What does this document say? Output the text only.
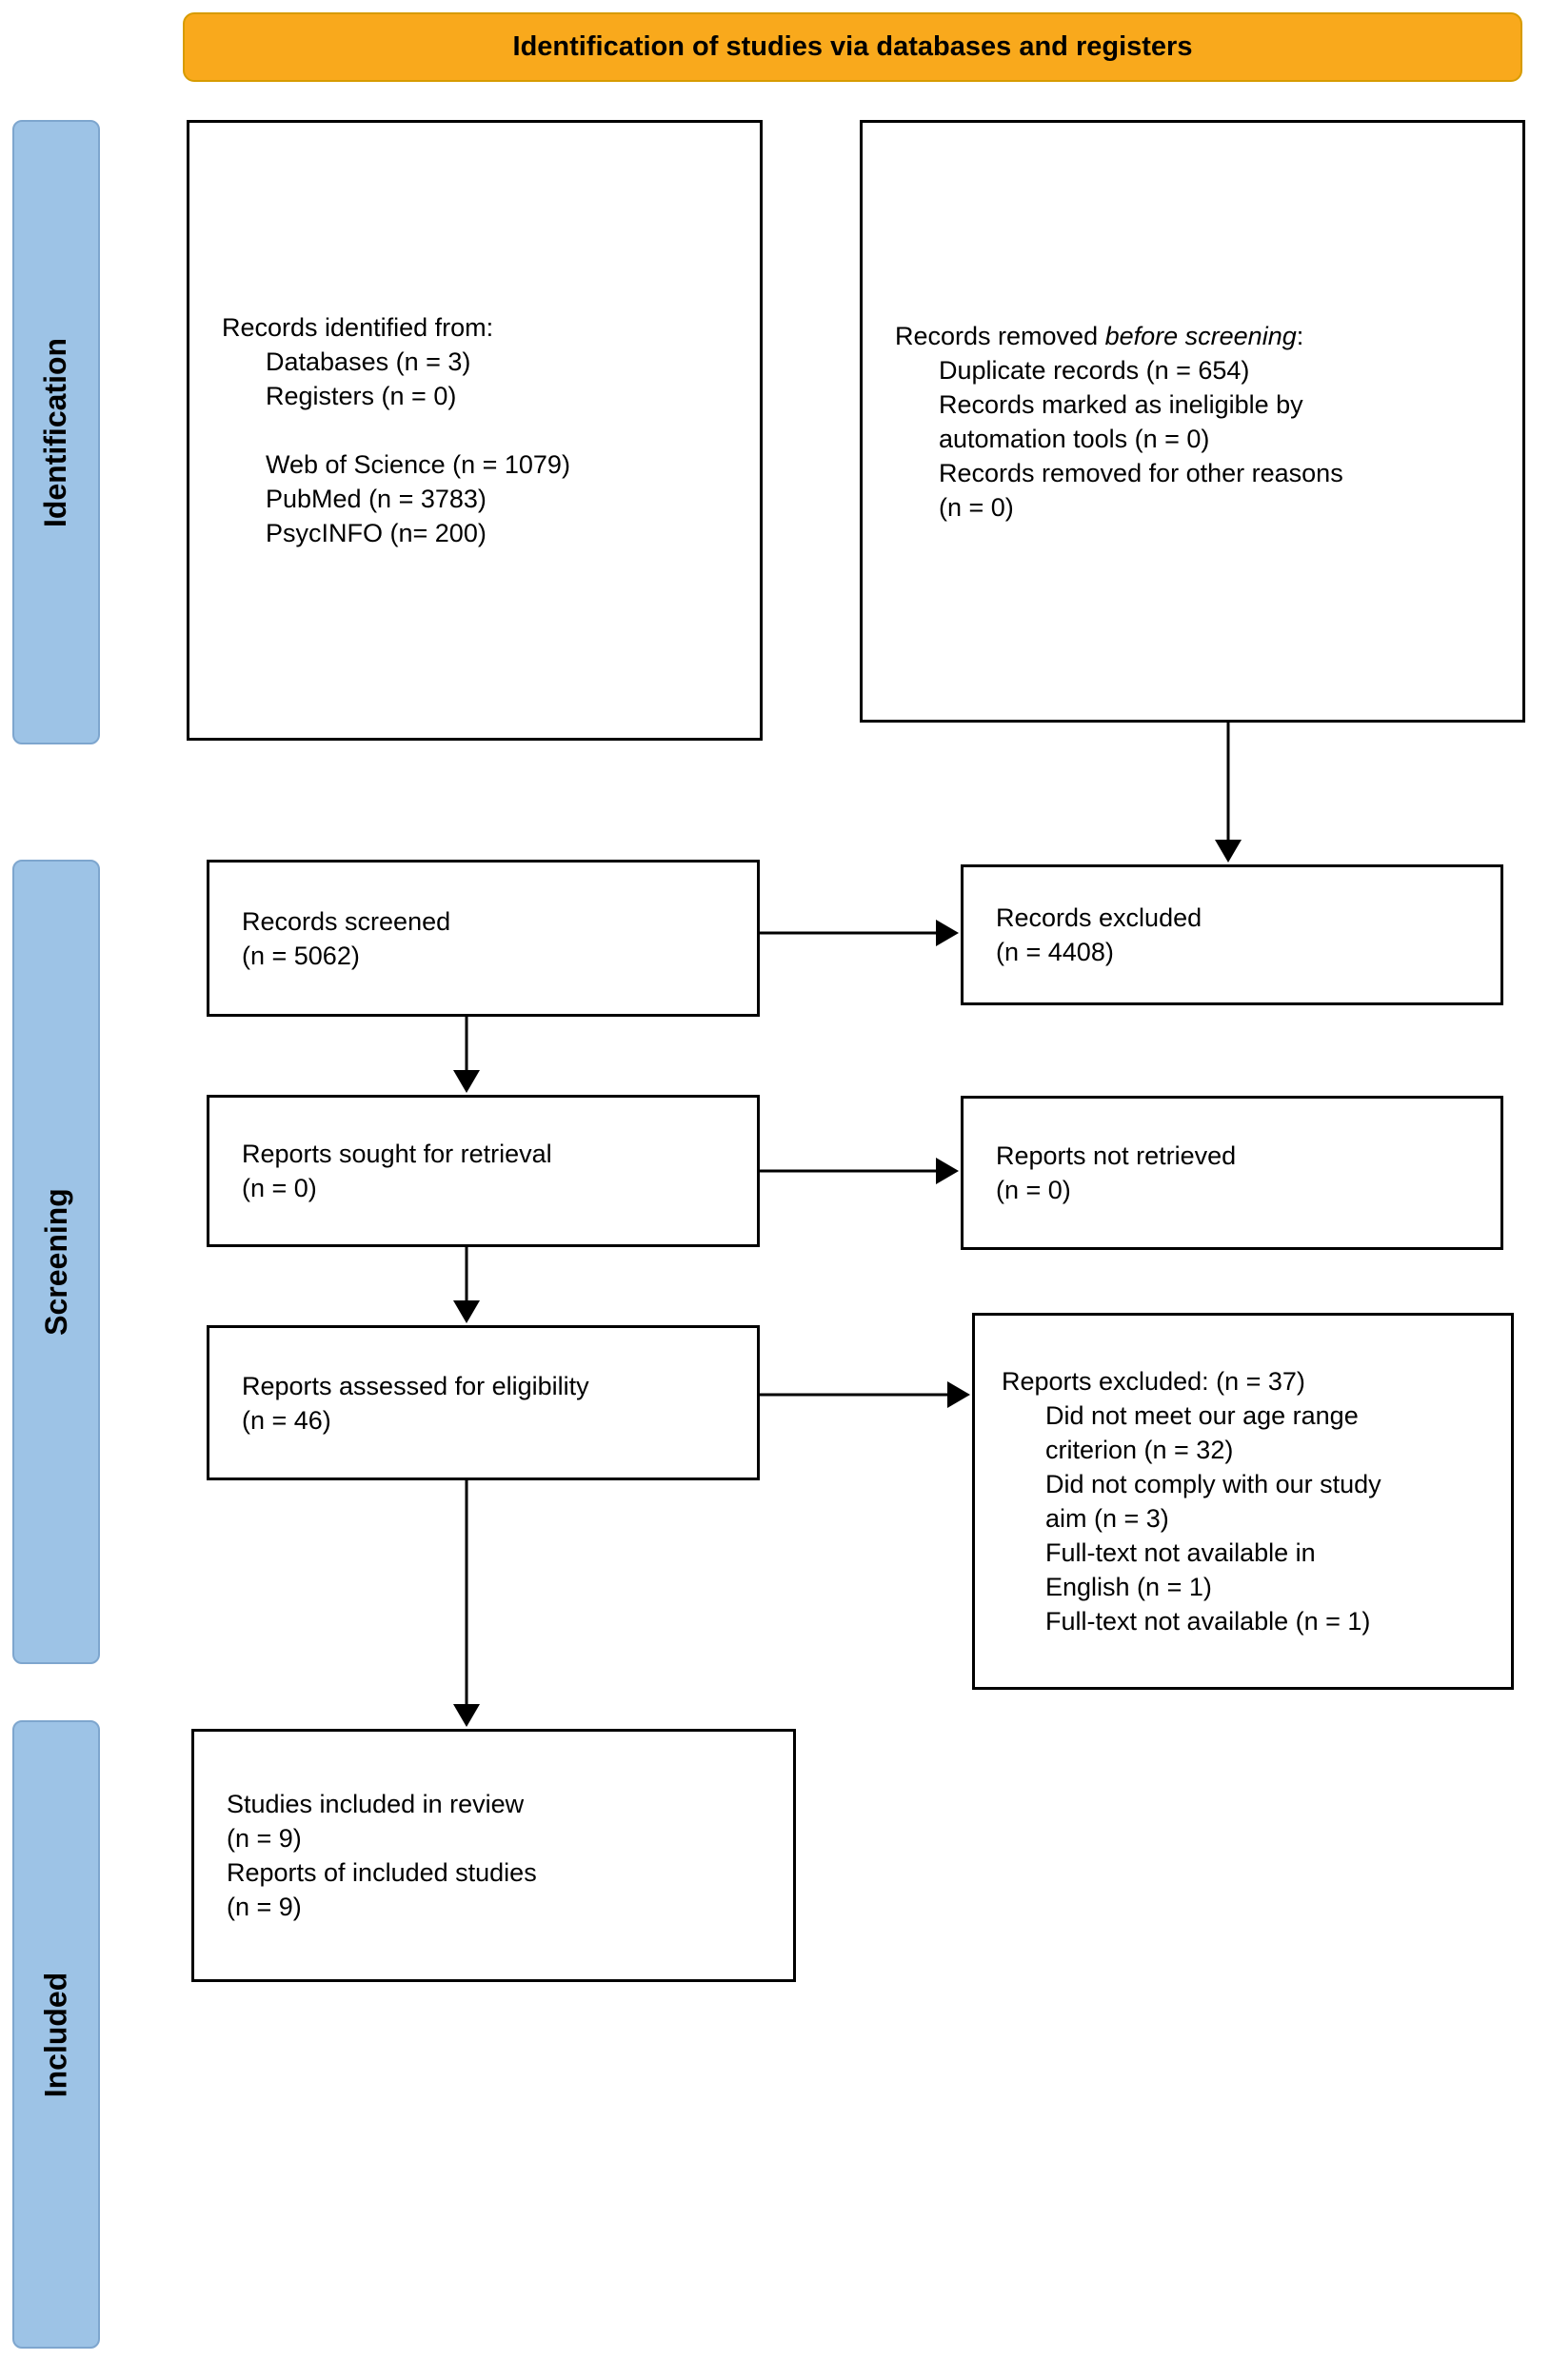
Identification of studies via databases and registers
Identification
Screening
Included
Records identified from:
Databases (n = 3)
Registers (n = 0)
Web of Science (n = 1079)
PubMed (n = 3783)
PsycINFO (n= 200)
Records removed before screening:
Duplicate records (n = 654)
Records marked as ineligible by
automation tools (n = 0)
Records removed for other reasons
(n = 0)
Records screened
(n = 5062)
Records excluded
(n = 4408)
Reports sought for retrieval
(n = 0)
Reports not retrieved
(n = 0)
Reports assessed for eligibility
(n = 46)
Reports excluded: (n = 37)
Did not meet our age range
criterion (n = 32)
Did not comply with our study
aim (n = 3)
Full-text not available in
English (n = 1)
Full-text not available (n = 1)
Studies included in review
(n = 9)
Reports of included studies
(n = 9)
